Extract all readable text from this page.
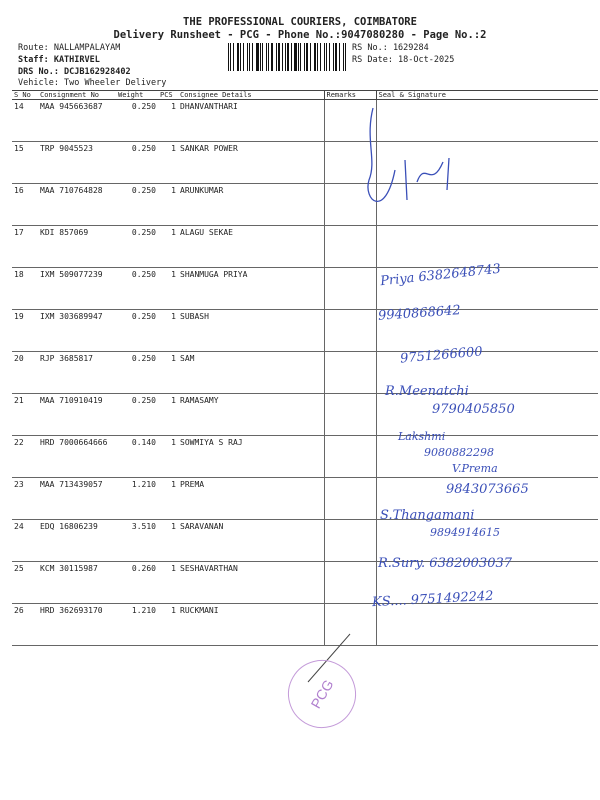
THE PROFESSIONAL COURIERS, COIMBATORE
Delivery Runsheet - PCG - Phone No.:9047080280 - Page No.:2
Route: NALLAMPALAYAM
Staff: KATHIRVEL
DRS No.: DCJB162928402
Vehicle: Two Wheeler Delivery
RS No.: 1629284
RS Date: 18-Oct-2025
S No	Consignment No	Weight	PCS	Consignee Details	Remarks	Seal & Signature
14	MAA 945663687	0.250	1	DHANVANTHARI		
15	TRP 9045523	0.250	1	SANKAR POWER		
16	MAA 710764828	0.250	1	ARUNKUMAR		
17	KDI 857069	0.250	1	ALAGU SEKAE		
18	IXM 509077239	0.250	1	SHANMUGA PRIYA		
19	IXM 303689947	0.250	1	SUBASH		
20	RJP 3685817	0.250	1	SAM		
21	MAA 710910419	0.250	1	RAMASAMY		
22	HRD 7000664666	0.140	1	SOWMIYA S RAJ		
23	MAA 713439057	1.210	1	PREMA		
24	EDQ 16806239	3.510	1	SARAVANAN		
25	KCM 30115987	0.260	1	SESHAVARTHAN		
26	HRD 362693170	1.210	1	RUCKMANI		
Priya 6382648743
9940868642
9751266600
R.Meenatchi
9790405850
Lakshmi
9080882298
V.Prema
9843073665
S.Thangamani
9894914615
R.Sury. 6382003037
KS.... 9751492242
PCG
